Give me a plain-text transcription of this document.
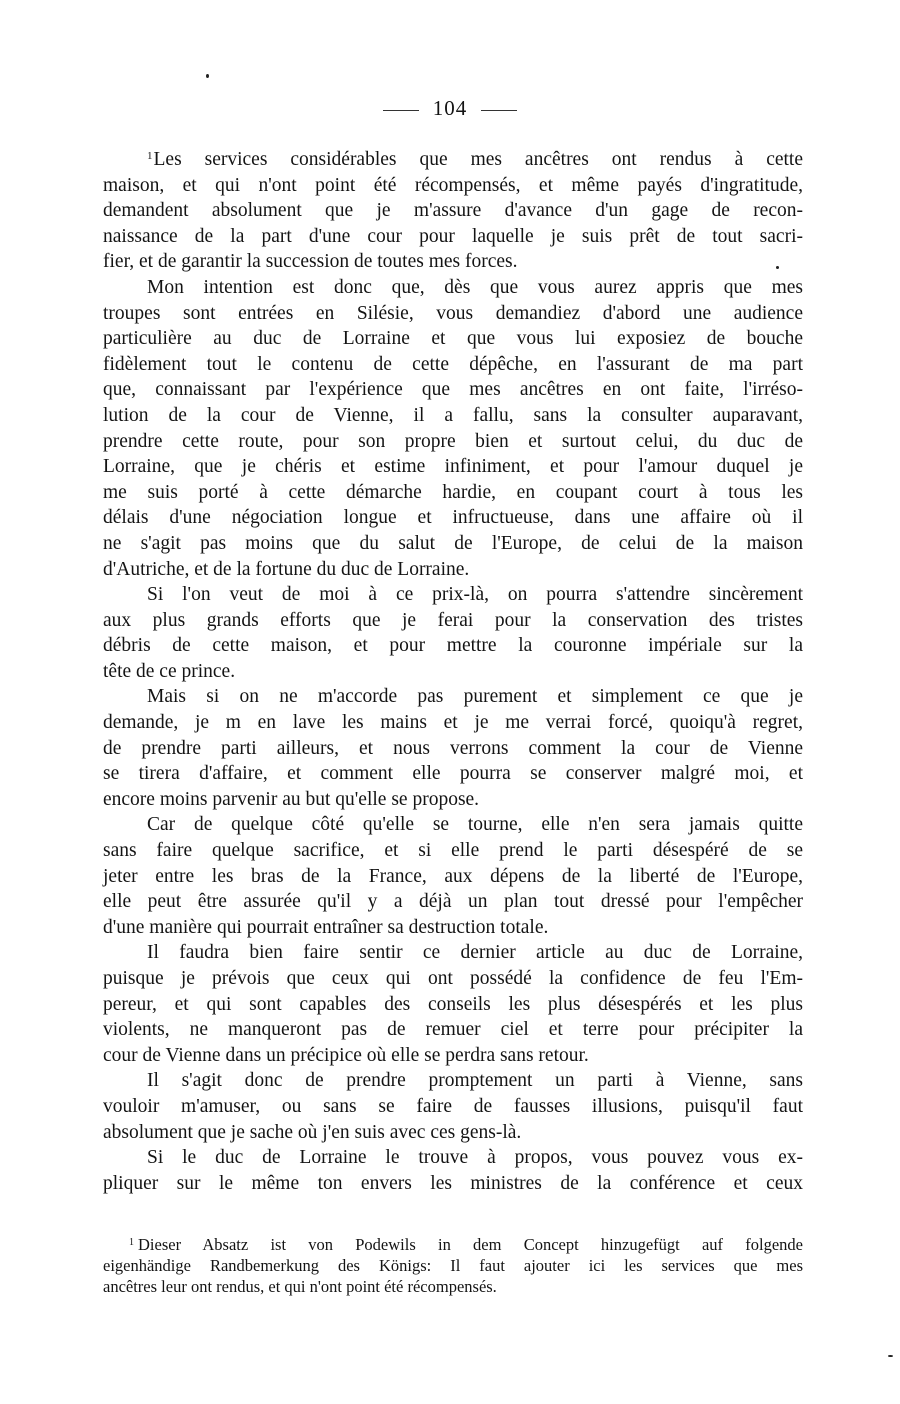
104

$^1$Les services considérables que mes ancêtres ont rendus à cette
maison, et qui n'ont point été récompensés, et même payés d'ingratitude,
demandent absolument que je m'assure d'avance d'un gage de recon-
naissance de la part d'une cour pour laquelle je suis prêt de tout sacri-
fier, et de garantir la succession de toutes mes forces.

Mon intention est donc que, dès que vous aurez appris que mes
troupes sont entrées en Silésie, vous demandiez d'abord une audience
particulière au duc de Lorraine et que vous lui exposiez de bouche
fidèlement tout le contenu de cette dépêche, en l'assurant de ma part
que, connaissant par l'expérience que mes ancêtres en ont faite, l'irréso-
lution de la cour de Vienne, il a fallu, sans la consulter auparavant,
prendre cette route, pour son propre bien et surtout celui, du duc de
Lorraine, que je chéris et estime infiniment, et pour l'amour duquel je
me suis porté à cette démarche hardie, en coupant court à tous les
délais d'une négociation longue et infructueuse, dans une affaire où il
ne s'agit pas moins que du salut de l'Europe, de celui de la maison
d'Autriche, et de la fortune du duc de Lorraine.

Si l'on veut de moi à ce prix-là, on pourra s'attendre sincèrement
aux plus grands efforts que je ferai pour la conservation des tristes
débris de cette maison, et pour mettre la couronne impériale sur la
tête de ce prince.

Mais si on ne m'accorde pas purement et simplement ce que je
demande, je m en lave les mains et je me verrai forcé, quoiqu'à regret,
de prendre parti ailleurs, et nous verrons comment la cour de Vienne
se tirera d'affaire, et comment elle pourra se conserver malgré moi, et
encore moins parvenir au but qu'elle se propose.

Car de quelque côté qu'elle se tourne, elle n'en sera jamais quitte
sans faire quelque sacrifice, et si elle prend le parti désespéré de se
jeter entre les bras de la France, aux dépens de la liberté de l'Europe,
elle peut être assurée qu'il y a déjà un plan tout dressé pour l'empêcher
d'une manière qui pourrait entraîner sa destruction totale.

Il faudra bien faire sentir ce dernier article au duc de Lorraine,
puisque je prévois que ceux qui ont possédé la confidence de feu l'Em-
pereur, et qui sont capables des conseils les plus désespérés et les plus
violents, ne manqueront pas de remuer ciel et terre pour précipiter la
cour de Vienne dans un précipice où elle se perdra sans retour.

Il s'agit donc de prendre promptement un parti à Vienne, sans
vouloir m'amuser, ou sans se faire de fausses illusions, puisqu'il faut
absolument que je sache où j'en suis avec ces gens-là.

Si le duc de Lorraine le trouve à propos, vous pouvez vous ex-
pliquer sur le même ton envers les ministres de la conférence et ceux

$^1$ Dieser Absatz ist von Podewils in dem Concept hinzugefügt auf folgende
eigenhändige Randbemerkung des Königs: Il faut ajouter ici les services que mes
ancêtres leur ont rendus, et qui n'ont point été récompensés.
